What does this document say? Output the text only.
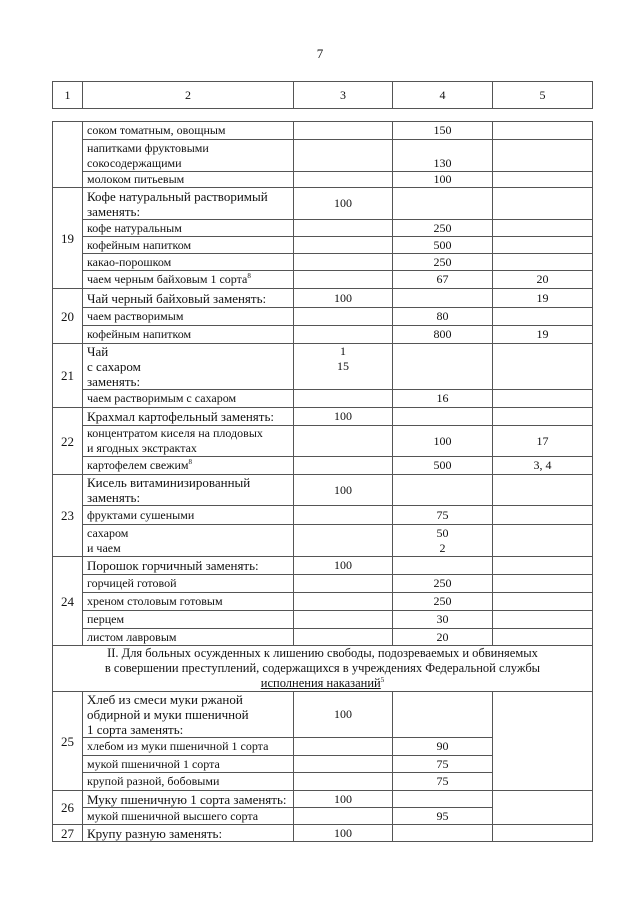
7
1	2	3	4	5
	соком томатным, овощным		150	
	напитками фруктовыми
сокосодержащими		130	
	молоком питьевым		100	
19	Кофе натуральный растворимый
заменять:	100		
	кофе натуральным		250	
	кофейным напитком		500	
	какао-порошком		250	
	чаем черным байховым 1 сорта$^8$		67	20
20	Чай черный байховый заменять:	100		19
	чаем растворимым		80	
	кофейным напитком		800	19
21	Чай
с сахаром
заменять:	1
15		
	чаем растворимым с сахаром		16	
22	Крахмал картофельный заменять:	100		
	концентратом киселя на плодовых
и ягодных экстрактах		100	17
	картофелем свежим$^8$		500	3, 4
23	Кисель витаминизированный
заменять:	100		
	фруктами сушеными		75	
	сахаром
и чаем		50
2	
24	Порошок горчичный заменять:	100		
	горчицей готовой		250	
	хреном столовым готовым		250	
	перцем		30	
	листом лавровым		20	
II. Для больных осужденных к лишению свободы, подозреваемых и обвиняемых
в совершении преступлений, содержащихся в учреждениях Федеральной службы
исполнения наказаний$^5$
25	Хлеб из смеси муки ржаной
обдирной и муки пшеничной
1 сорта заменять:	100		
	хлебом из муки пшеничной 1 сорта		90	
	мукой пшеничной 1 сорта		75	
	крупой разной, бобовыми		75	
26	Муку пшеничную 1 сорта заменять:	100		
	мукой пшеничной высшего сорта		95	
27	Крупу разную заменять:	100		
